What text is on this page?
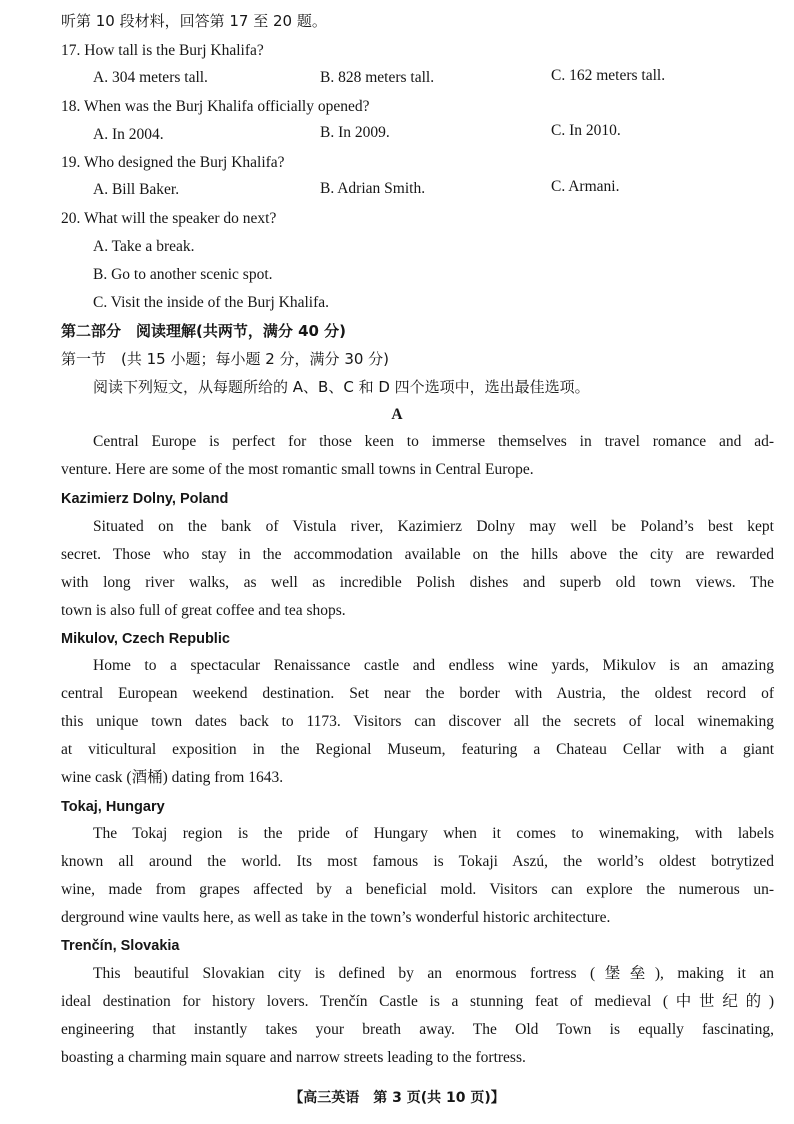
听第 10 段材料，回答第 17 至 20 题。
17. How tall is the Burj Khalifa?
A. 304 meters tall.	B. 828 meters tall.	C. 162 meters tall.
18. When was the Burj Khalifa officially opened?
A. In 2004.	B. In 2009.	C. In 2010.
19. Who designed the Burj Khalifa?
A. Bill Baker.	B. Adrian Smith.	C. Armani.
20. What will the speaker do next?
A. Take a break.
B. Go to another scenic spot.
C. Visit the inside of the Burj Khalifa.
第二部分　阅读理解(共两节，满分 40 分)
第一节　(共 15 小题；每小题 2 分，满分 30 分)
阅读下列短文，从每题所给的 A、B、C 和 D 四个选项中，选出最佳选项。
A
Central Europe is perfect for those keen to immerse themselves in travel romance and ad-
venture. Here are some of the most romantic small towns in Central Europe.
Kazimierz Dolny, Poland
Situated on the bank of Vistula river, Kazimierz Dolny may well be Poland’s best kept
secret. Those who stay in the accommodation available on the hills above the city are rewarded
with long river walks, as well as incredible Polish dishes and superb old town views. The
town is also full of great coffee and tea shops.
Mikulov, Czech Republic
Home to a spectacular Renaissance castle and endless wine yards, Mikulov is an amazing
central European weekend destination. Set near the border with Austria, the oldest record of
this unique town dates back to 1173. Visitors can discover all the secrets of local winemaking
at viticultural exposition in the Regional Museum, featuring a Chateau Cellar with a giant
wine cask (酒桶) dating from 1643.
Tokaj, Hungary
The Tokaj region is the pride of Hungary when it comes to winemaking, with labels
known all around the world. Its most famous is Tokaji Aszú, the world’s oldest botrytized
wine, made from grapes affected by a beneficial mold. Visitors can explore the numerous un-
derground wine vaults here, as well as take in the town’s wonderful historic architecture.
Trenčín, Slovakia
This beautiful Slovakian city is defined by an enormous fortress (堡垒), making it an
ideal destination for history lovers. Trenčín Castle is a stunning feat of medieval (中世纪的)
engineering that instantly takes your breath away. The Old Town is equally fascinating,
boasting a charming main square and narrow streets leading to the fortress.
【高三英语　第 3 页(共 10 页)】
